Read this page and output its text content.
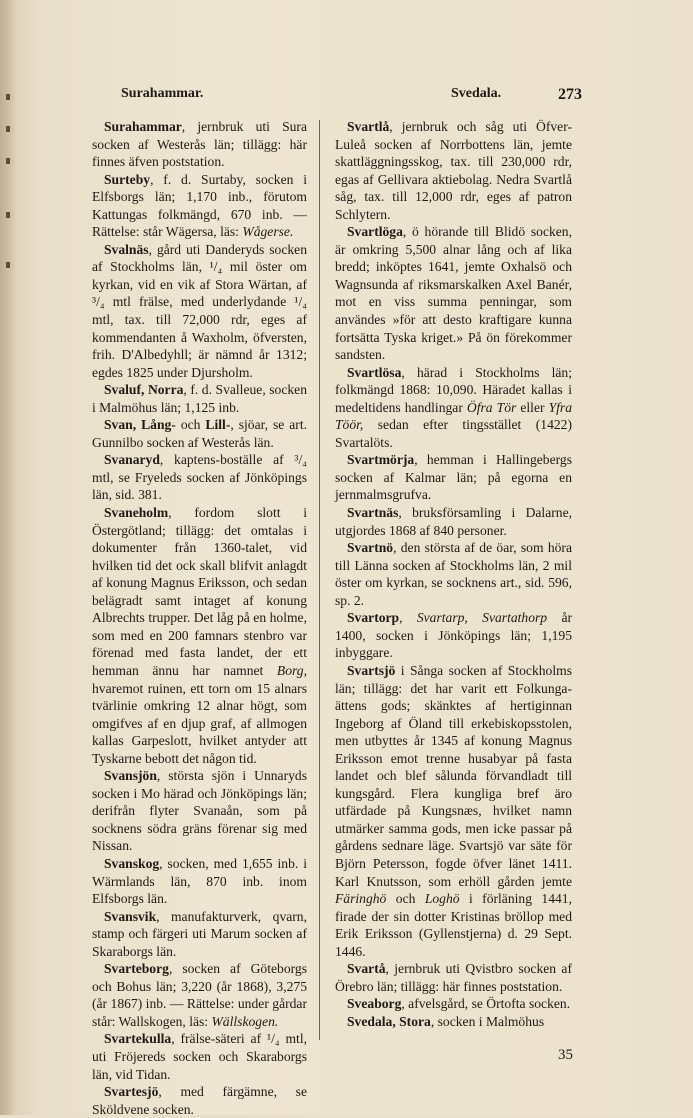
Surahammar.	Svedala.	273

Surahammar, jernbruk uti Sura socken af Westerås län; tillägg: här finnes äfven poststation.

Surteby, f. d. Surtaby, socken i Elfsborgs län; 1,170 inb., förutom Kattungas folkmängd, 670 inb. — Rättelse: står Wägersa, läs: Wågerse.

Svalnäs, gård uti Danderyds socken af Stockholms län, ¹/₄ mil öster om kyrkan, vid en vik af Stora Wärtan, af ³/₄ mtl frälse, med underlydande ¹/₄ mtl, tax. till 72,000 rdr, eges af kommendanten å Waxholm, öfversten, frih. D'Albedyhll; är nämnd år 1312; egdes 1825 under Djursholm.

Svaluf, Norra, f. d. Svalleue, socken i Malmöhus län; 1,125 inb.

Svan, Lång- och Lill-, sjöar, se art. Gunnilbo socken af Westerås län.

Svanaryd, kaptens-boställe af ³/₄ mtl, se Fryeleds socken af Jönköpings län, sid. 381.

Svaneholm, fordom slott i Östergötland; tillägg: det omtalas i dokumenter från 1360-talet, vid hvilken tid det ock skall blifvit anlagdt af konung Magnus Eriksson, och sedan belägradt samt intaget af konung Albrechts trupper. Det låg på en holme, som med en 200 famnars stenbro var förenad med fasta landet, der ett hemman ännu har namnet Borg, hvaremot ruinen, ett torn om 15 alnars tvärlinie omkring 12 alnar högt, som omgifves af en djup graf, af allmogen kallas Garpeslott, hvilket antyder att Tyskarne bebott det någon tid.

Svansjön, största sjön i Unnaryds socken i Mo härad och Jönköpings län; derifrån flyter Svanaån, som på socknens södra gräns förenar sig med Nissan.

Svanskog, socken, med 1,655 inb. i Wärmlands län, 870 inb. inom Elfsborgs län.

Svansvik, manufakturverk, qvarn, stamp och färgeri uti Marum socken af Skaraborgs län.

Svarteborg, socken af Göteborgs och Bohus län; 3,220 (år 1868), 3,275 (år 1867) inb. — Rättelse: under gårdar står: Wallskogen, läs: Wällskogen.

Svartekulla, frälse-säteri af ¹/₄ mtl, uti Fröjereds socken och Skaraborgs län, vid Tidan.

Svartesjö, med färgämne, se Sköldvene socken.

Svartlå, jernbruk och såg uti Öfver-Luleå socken af Norrbottens län, jemte skattläggningsskog, tax. till 230,000 rdr, egas af Gellivara aktiebolag. Nedra Svartlå såg, tax. till 12,000 rdr, eges af patron Schlytern.

Svartlöga, ö hörande till Blidö socken, är omkring 5,500 alnar lång och af lika bredd; inköptes 1641, jemte Oxhalsö och Wagnsunda af riksmarskalken Axel Banér, mot en viss summa penningar, som användes »för att desto kraftigare kunna fortsätta Tyska kriget.» På ön förekommer sandsten.

Svartlösa, härad i Stockholms län; folkmängd 1868: 10,090. Häradet kallas i medeltidens handlingar Öfra Tör eller Yfra Töör, sedan efter tingsstället (1422) Svartalöts.

Svartmörja, hemman i Hallingebergs socken af Kalmar län; på egorna en jernmalmsgrufva.

Svartnäs, bruksförsamling i Dalarne, utgjordes 1868 af 840 personer.

Svartnö, den största af de öar, som höra till Länna socken af Stockholms län, 2 mil öster om kyrkan, se socknens art., sid. 596, sp. 2.

Svartorp, Svartarp, Svartathorp år 1400, socken i Jönköpings län; 1,195 inbyggare.

Svartsjö i Sånga socken af Stockholms län; tillägg: det har varit ett Folkunga-ättens gods; skänktes af hertiginnan Ingeborg af Öland till erkebiskopsstolen, men utbyttes år 1345 af konung Magnus Eriksson emot trenne husabyar på fasta landet och blef sålunda förvandladt till kungsgård. Flera kungliga bref äro utfärdade på Kungsnæs, hvilket namn utmärker samma gods, men icke passar på gårdens sednare läge. Svartsjö var säte för Björn Petersson, fogde öfver länet 1411. Karl Knutsson, som erhöll gården jemte Färinghö och Loghö i förläning 1441, firade der sin dotter Kristinas bröllop med Erik Eriksson (Gyllenstjerna) d. 29 Sept. 1446.

Svartå, jernbruk uti Qvistbro socken af Örebro län; tillägg: här finnes poststation.

Sveaborg, afvelsgård, se Örtofta socken.

Svedala, Stora, socken i Malmöhus

35
